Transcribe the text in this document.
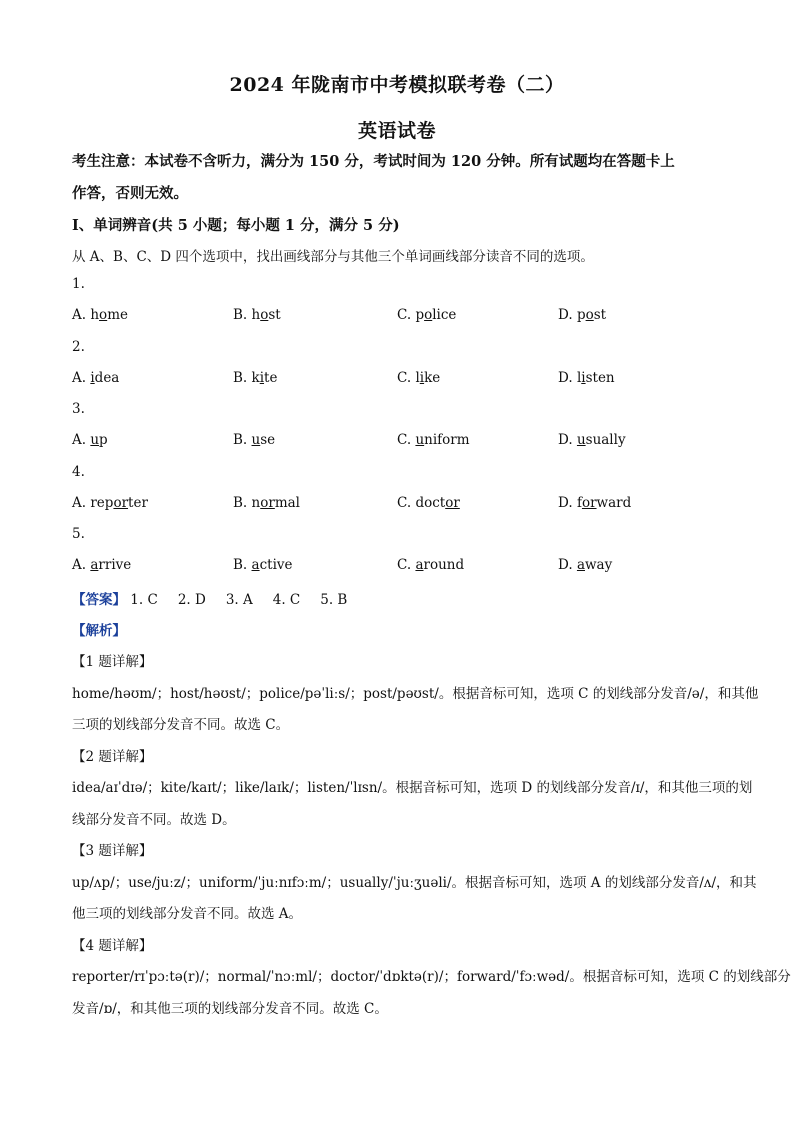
2024 年陇南市中考模拟联考卷（二）
英语试卷
考生注意：本试卷不含听力，满分为 150 分，考试时间为 120 分钟。所有试题均在答题卡上
作答，否则无效。
Ⅰ、单词辨音(共 5 小题；每小题 1 分，满分 5 分)
从 A、B、C、D 四个选项中，找出画线部分与其他三个单词画线部分读音不同的选项。
1.
A. home	B. host	C. police	D. post
2.
A. idea	B. kite	C. like	D. listen
3.
A. up	B. use	C. uniform	D. usually
4.
A. reporter	B. normal	C. doctor	D. forward
5.
A. arrive	B. active	C. around	D. away
【答案】 1. C 2. D 3. A 4. C 5. B
【解析】
【1 题详解】
home/həʊm/；host/həʊst/；police/pəˈliːs/；post/pəʊst/。根据音标可知，选项 C 的划线部分发音/ə/，和其他
三项的划线部分发音不同。故选 C。
【2 题详解】
idea/aɪˈdɪə/；kite/kaɪt/；like/laɪk/；listen/ˈlɪsn/。根据音标可知，选项 D 的划线部分发音/ɪ/，和其他三项的划
线部分发音不同。故选 D。
【3 题详解】
up/ʌp/；use/juːz/；uniform/ˈjuːnɪfɔːm/；usually/ˈjuːʒuəli/。根据音标可知，选项 A 的划线部分发音/ʌ/，和其
他三项的划线部分发音不同。故选 A。
【4 题详解】
reporter/rɪˈpɔːtə(r)/；normal/ˈnɔːml/；doctor/ˈdɒktə(r)/；forward/ˈfɔːwəd/。根据音标可知，选项 C 的划线部分
发音/ɒ/，和其他三项的划线部分发音不同。故选 C。
